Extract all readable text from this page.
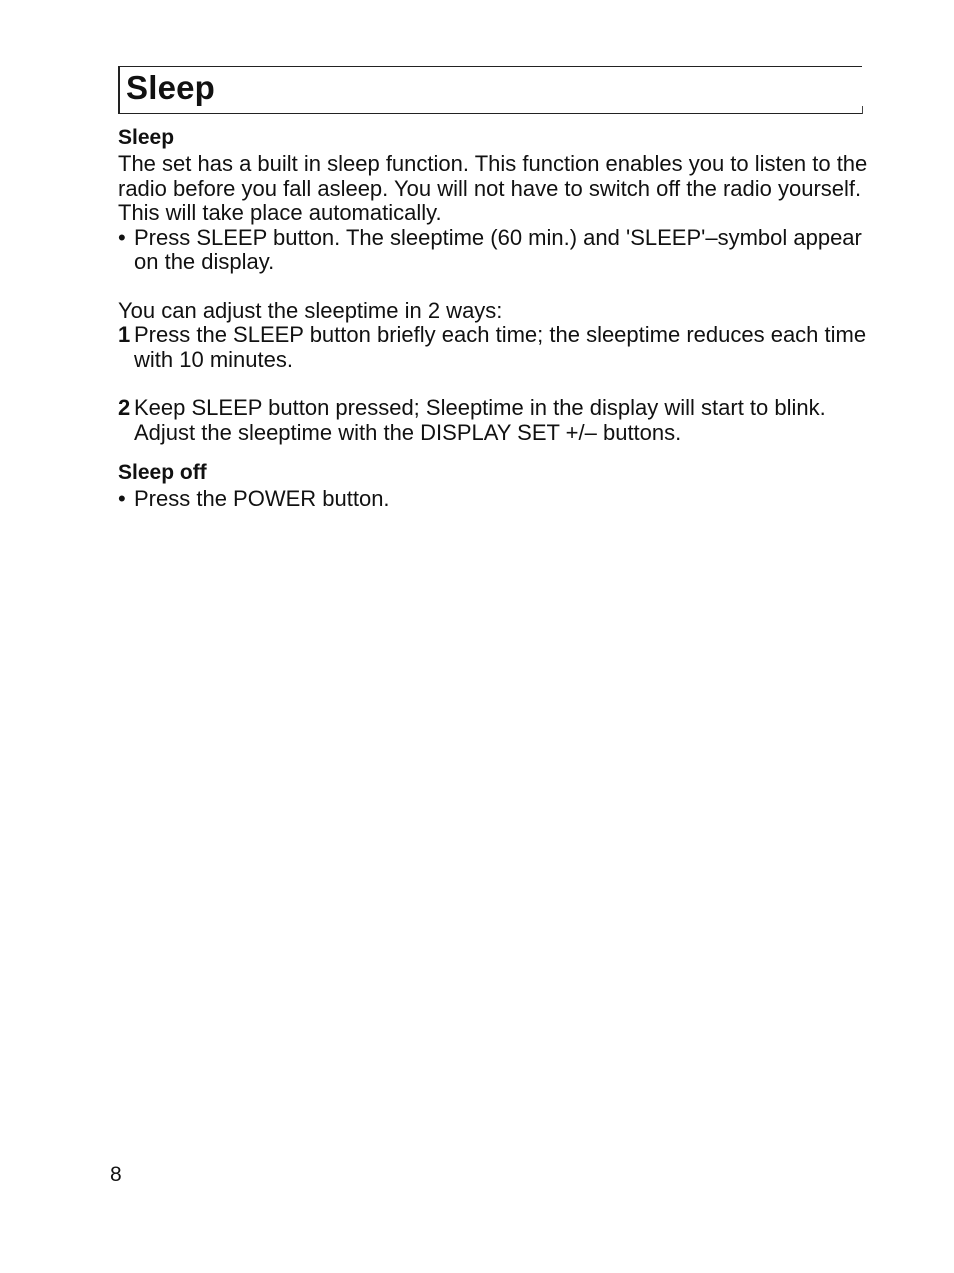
Sleep
Sleep

The set has a built in sleep function. This function enables you to listen to the radio before you fall asleep. You will not have to switch off the radio yourself. This will take place automatically.

• Press SLEEP button. The sleeptime (60 min.) and 'SLEEP'–symbol appear on the display.

You can adjust the sleeptime in 2 ways:

1 Press the SLEEP button briefly each time; the sleeptime reduces each time with 10 minutes.

2 Keep SLEEP button pressed; Sleeptime in the display will start to blink. Adjust the sleeptime with the DISPLAY SET +/– buttons.

Sleep off

• Press the POWER button.

8
